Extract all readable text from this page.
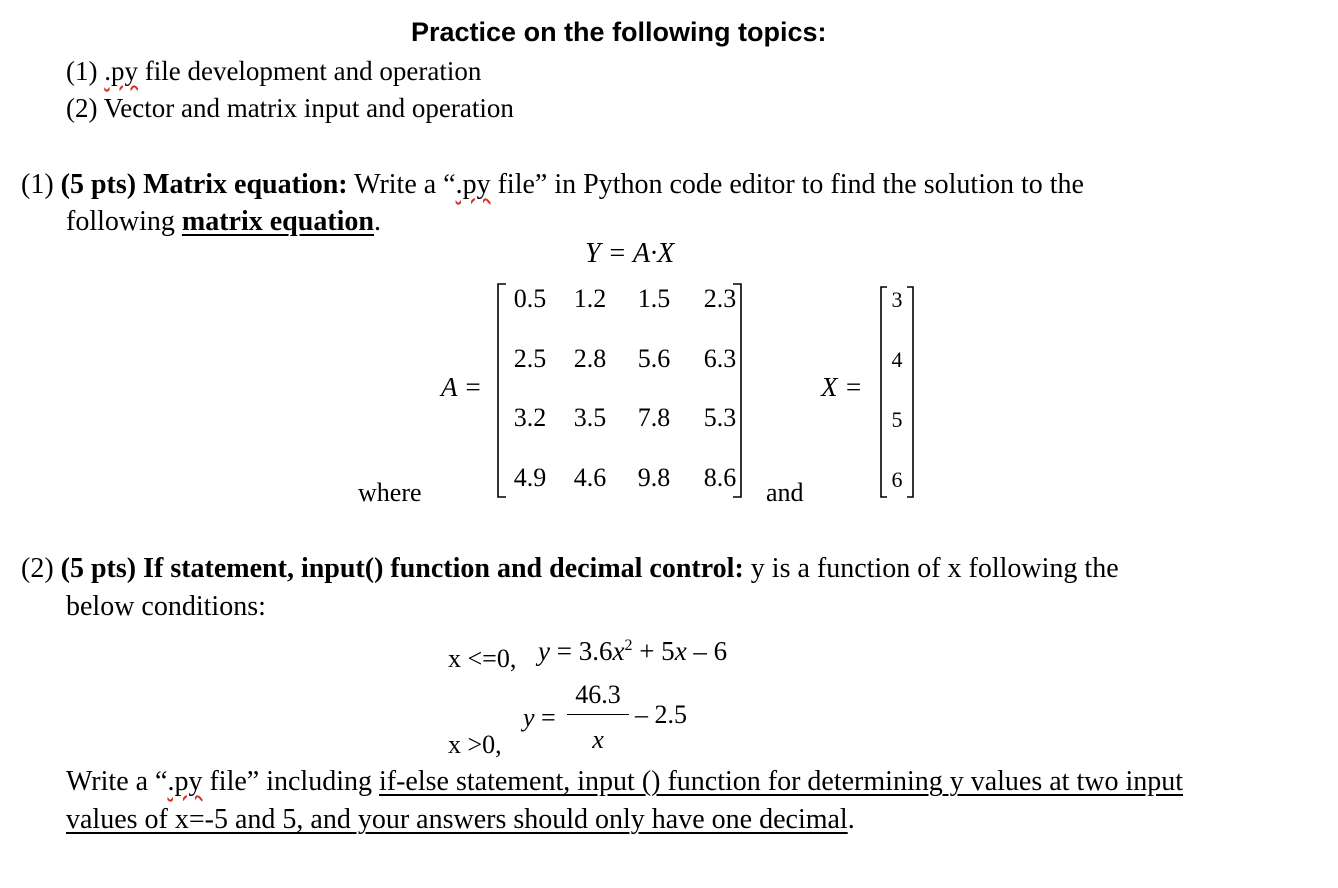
Practice on the following topics:
(1) .py file development and operation
(2) Vector and matrix input and operation
(1) (5 pts) Matrix equation: Write a “.py file” in Python code editor to find the solution to the
following matrix equation.
Y = A·X
where
A =
0.5	1.2	1.5	2.3
2.5	2.8	5.6	6.3
3.2	3.5	7.8	5.3
4.9	4.6	9.8	8.6
and
X =
3
4
5
6
(2) (5 pts) If statement, input() function and decimal control: y is a function of x following the
below conditions:
x <=0, $y = 3.6x^2 + 5x - 6$
x >0,
y =
46.3
x
– 2.5
Write a “.py file” including if-else statement, input () function for determining y values at two input
values of x=-5 and 5, and your answers should only have one decimal.
